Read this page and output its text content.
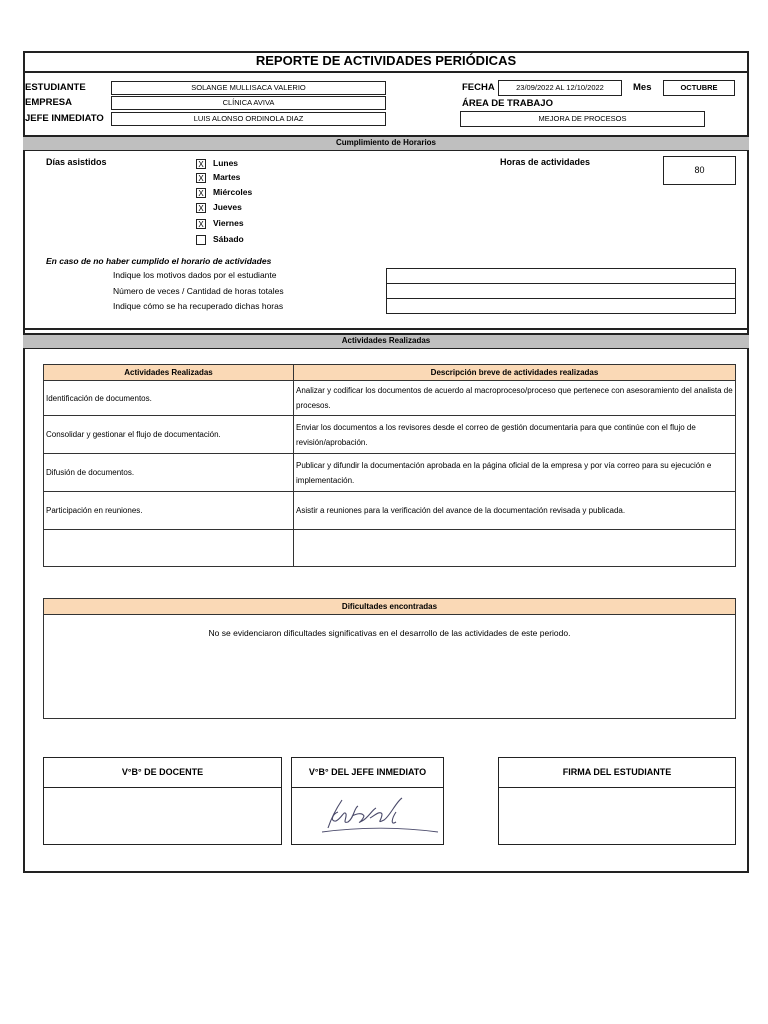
REPORTE DE ACTIVIDADES PERIÓDICAS
ESTUDIANTE	SOLANGE MULLISACA VALERIO
EMPRESA	CLÍNICA AVIVA
JEFE INMEDIATO	LUIS ALONSO ORDINOLA DIAZ
FECHA	23/09/2022 AL 12/10/2022	Mes	OCTUBRE
ÁREA DE TRABAJO
MEJORA DE PROCESOS
Cumplimiento de Horarios
Días asistidos	X Lunes
X Martes
X Miércoles
X Jueves
X Viernes
Sábado
Horas de actividades
80
En caso de no haber cumplido el horario de actividades
Indique los motivos dados por el estudiante
Número de veces / Cantidad de horas totales
Indique cómo se ha recuperado dichas horas
Actividades Realizadas
Actividades Realizadas	Descripción breve de actividades realizadas
Identificación de documentos.	Analizar y codificar los documentos de acuerdo al macroproceso/proceso que pertenece con asesoramiento del analista de procesos.
Consolidar y gestionar el flujo de documentación.	Enviar los documentos a los revisores desde el correo de gestión documentaria para que continúe con el flujo de revisión/aprobación.
Difusión de documentos.	Publicar y difundir la documentación aprobada en la página oficial de la empresa y por vía correo para su ejecución e implementación.
Participación en reuniones.	Asistir a reuniones para la verificación del avance de la documentación revisada y publicada.

Dificultades encontradas
No se evidenciaron dificultades significativas en el desarrollo de las actividades de este periodo.
V°B° DE DOCENTE	V°B° DEL JEFE INMEDIATO	FIRMA DEL ESTUDIANTE
